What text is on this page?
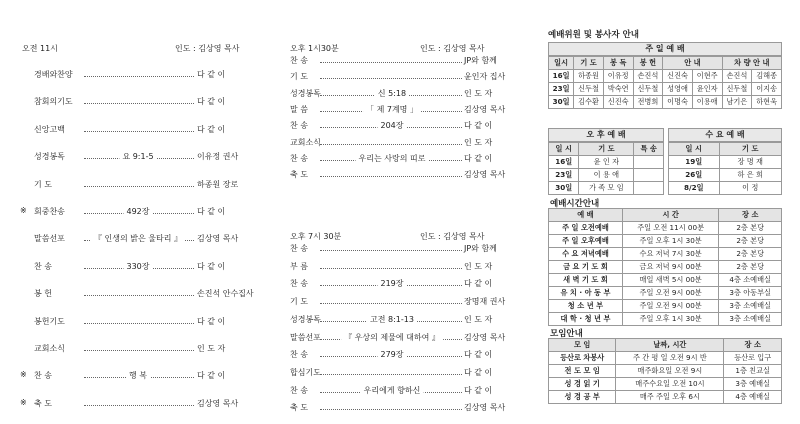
오전 11시	인도 : 김상영 목사
경배와찬양	다 같 이
참회의기도	다 같 이
신앙고백	다 같 이
성경봉독	요 9:1-5	이유정 권사
기 도	하종원 장로
※ 회중찬송	492장	다 같 이
말씀선포	『 인생의 밝은 울타리 』	김상영 목사
찬 송	330장	다 같 이
봉 헌	손진석 안수집사
봉헌기도	다 같 이
교회소식	인 도 자
※ 찬 송	행 복	다 같 이
※ 축 도	김상영 목사
오후 1시30분	인도 : 김상영 목사
찬 송	JP와 함께
기 도	윤인자 집사
성경봉독	신 5:18	인 도 자
말 씀	「 제 7계명 」	김상영 목사
찬 송	204장	다 같 이
교회소식	인 도 자
찬 송	우리는 사랑의 띠로	다 같 이
축 도	김상영 목사
오후 7시 30분	인도 : 김상영 목사
찬 송	JP와 함께
부 름	인 도 자
찬 송	219장	다 같 이
기 도	장명재 권사
성경봉독	고전 8:1-13	인 도 자
말씀선포	『 우상의 제물에 대하여 』	김상영 목사
찬 송	279장	다 같 이
합심기도	다 같 이
찬 송	우리에게 향하신	다 같 이
축 도	김상영 목사
예배위원 및 봉사자 안내
주 일 예 배
일시	기 도	봉 독	봉 헌	안 내		차 량 안 내	
16일	하종원	이유정	손진석	신진숙	이현주	손진석	김해종
23일	신두철	박숙연	신두철	성영애	윤인자	신두철	이지송
30일	김수환	신진숙	전병희	이명숙	이용애	남기은	하현욱
오 후 예 배
일 시	기 도	특 송
16일	윤 인 자	
23일	이 용 애	
30일	가 족 모 임	
수 요 예 배
일 시	기 도
19일	장 명 재
26일	하 은 희
8/2일	이 정
예배시간안내
예 배	시 간	장 소
주 일 오전예배	주일 오전 11시 00분	2층 본당
주 일 오후예배	주일 오후 1시 30분	2층 본당
수 요 저녁예배	수요 저녁 7시 30분	2층 본당
금 요 기 도 회	금요 저녁 9시 00분	2층 본당
새 벽 기 도 회	매일 새벽 5시 00분	4층 소예배실
유 치 · 아 동 부	주일 오전 9시 00분	3층 아동부실
청 소 년 부	주일 오전 9시 00분	3층 소예배실
대 학 · 청 년 부	주일 오후 1시 30분	3층 소예배실
모임안내
모 임	날짜, 시간	장 소
등산로 차봉사	주 간 평 일 오전 9시 반	등산로 입구
전 도 모 임	매주화요일 오전 9시	1층 친교실
성 경 읽 기	매주수요일 오전 10시	3층 예배실
성 경 공 부	매주 주일 오후 6시	4층 예배실
